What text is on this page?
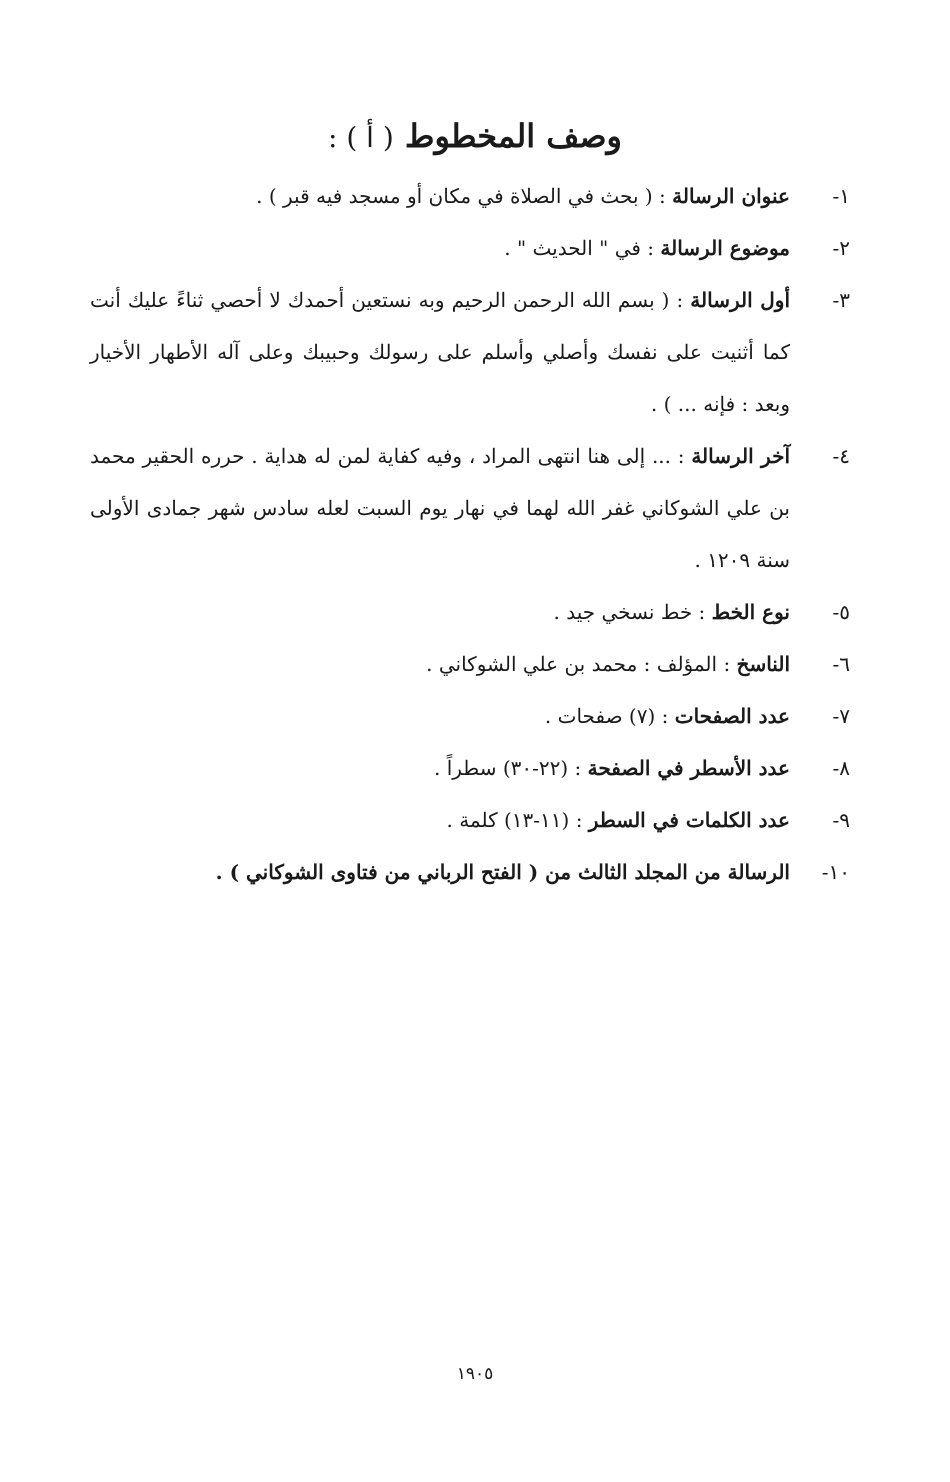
وصف المخطوط ( أ ) :
١-
عنوان الرسالة : ( بحث في الصلاة في مكان أو مسجد فيه قبر ) .
٢-
موضوع الرسالة : في " الحديث " .
٣-
أول الرسالة : ( بسم الله الرحمن الرحيم وبه نستعين أحمدك لا أحصي ثناءً عليك أنت كما أثنيت على نفسك وأصلي وأسلم على رسولك وحبيبك وعلى آله الأطهار الأخيار وبعد : فإنه ... ) .
٤-
آخر الرسالة : ... إلى هنا انتهى المراد ، وفيه كفاية لمن له هداية . حرره الحقير محمد بن علي الشوكاني غفر الله لهما في نهار يوم السبت لعله سادس شهر جمادى الأولى سنة ١٢٠٩ .
٥-
نوع الخط : خط نسخي جيد .
٦-
الناسخ : المؤلف : محمد بن علي الشوكاني .
٧-
عدد الصفحات : (٧) صفحات .
٨-
عدد الأسطر في الصفحة : (٢٢-٣٠) سطراً .
٩-
عدد الكلمات في السطر : (١١-١٣) كلمة .
١٠-
الرسالة من المجلد الثالث من ( الفتح الرباني من فتاوى الشوكاني ) .
١٩٠٥
